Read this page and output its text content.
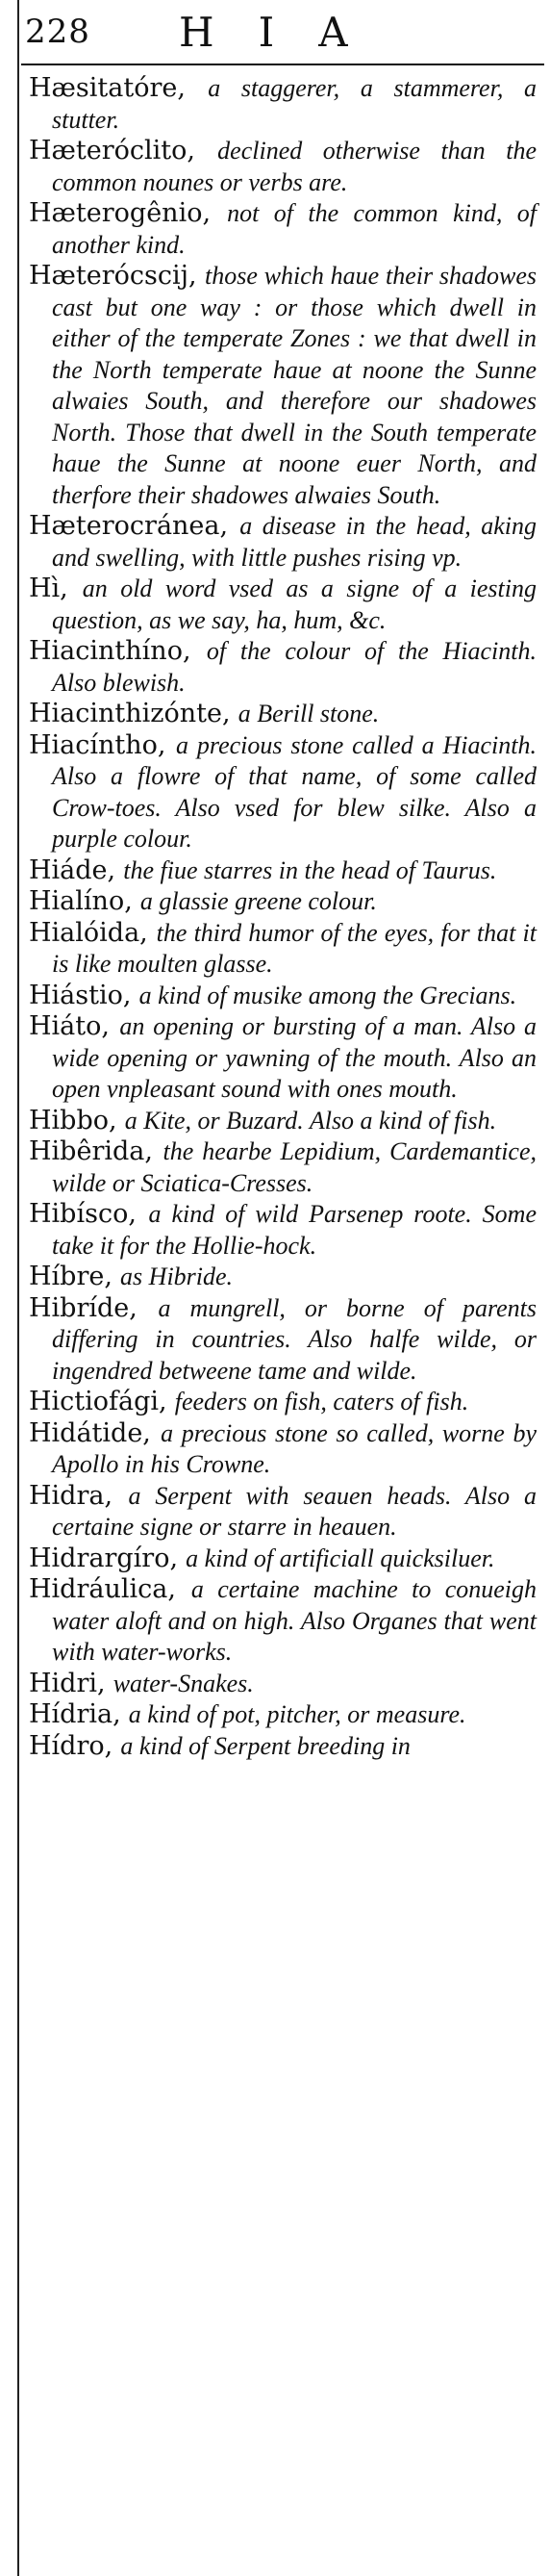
228	HIA

Hæsitatóre, a staggerer, a stammerer, a stutter.

Hæteróclito, declined otherwise than the common nounes or verbs are.

Hæterogênio, not of the common kind, of another kind.

Hæterócscij, those which haue their shadowes cast but one way : or those which dwell in either of the temperate Zones : we that dwell in the North temperate haue at noone the Sunne alwaies South, and therefore our shadowes North. Those that dwell in the South temperate haue the Sunne at noone euer North, and therfore their shadowes alwaies South.

Hæterocránea, a disease in the head, aking and swelling, with little pushes rising vp.

Hì, an old word vsed as a signe of a iesting question, as we say, ha, hum, &c.

Hiacinthíno, of the colour of the Hiacinth. Also blewish.

Hiacinthizónte, a Berill stone.

Hiacíntho, a precious stone called a Hiacinth. Also a flowre of that name, of some called Crow-toes. Also vsed for blew silke. Also a purple colour.

Hiáde, the fiue starres in the head of Taurus.

Hialíno, a glassie greene colour.

Hialóida, the third humor of the eyes, for that it is like moulten glasse.

Hiástio, a kind of musike among the Grecians.

Hiáto, an opening or bursting of a man. Also a wide opening or yawning of the mouth. Also an open vnpleasant sound with ones mouth.

Hibbo, a Kite, or Buzard. Also a kind of fish.

Hibêrida, the hearbe Lepidium, Cardemantice, wilde or Sciatica-Cresses.

Hibísco, a kind of wild Parsenep roote. Some take it for the Hollie-hock.

Híbre, as Hibride.

Hibríde, a mungrell, or borne of parents differing in countries. Also halfe wilde, or ingendred betweene tame and wilde.

Hictiofági, feeders on fish, caters of fish.

Hidátide, a precious stone so called, worne by Apollo in his Crowne.

Hidra, a Serpent with seauen heads. Also a certaine signe or starre in heauen.

Hidrargíro, a kind of artificiall quicksiluer.

Hidráulica, a certaine machine to conueigh water aloft and on high. Also Organes that went with water-works.

Hidri, water-Snakes.

Hídria, a kind of pot, pitcher, or measure.

Hídro, a kind of Serpent breeding in
